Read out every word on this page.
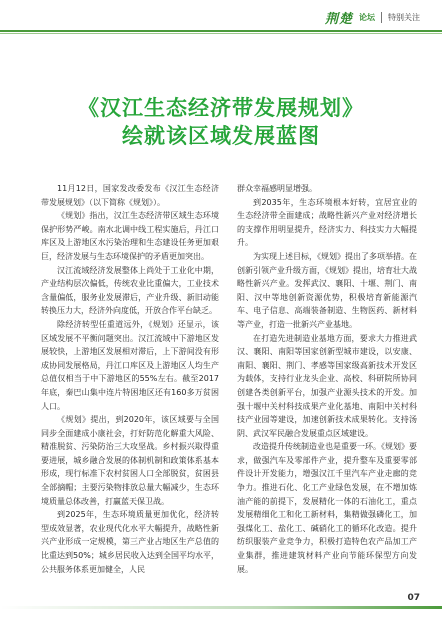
荆楚 论坛 特别关注
《汉江生态经济带发展规划》
绘就该区域发展蓝图

11月12日，国家发改委发布《汉江生态经济带发展规划》（以下简称《规划》）。

《规划》指出，汉江生态经济带区域生态环境保护形势严峻。南水北调中线工程实施后，丹江口库区及上游地区水污染治理和生态建设任务更加艰巨，经济发展与生态环境保护的矛盾更加突出。

汉江流域经济发展整体上尚处于工业化中期，产业结构层次偏低，传统农业比重偏大，工业技术含量偏低，服务业发展滞后，产业升级、新旧动能转换压力大，经济外向度低，开放合作平台缺乏。

除经济转型任重道远外，《规划》还显示，该区域发展不平衡问题突出。汉江流域中下游地区发展较快，上游地区发展相对滞后，上下游间没有形成协同发展格局，丹江口库区及上游地区人均生产总值仅相当于中下游地区的55%左右。截至2017年底，秦巴山集中连片特困地区还有160多万贫困人口。

《规划》提出，到2020年，该区域要与全国同步全面建成小康社会，打好防范化解重大风险、精准脱贫、污染防治三大攻坚战。乡村振兴取得重要进展，城乡融合发展的体制机制和政策体系基本形成，现行标准下农村贫困人口全部脱贫，贫困县全部摘帽；主要污染物排放总量大幅减少，生态环境质量总体改善，打赢蓝天保卫战。

到2025年，生态环境质量更加优化，经济转型成效显著，农业现代化水平大幅提升，战略性新兴产业形成一定规模，第三产业占地区生产总值的比重达到50%；城乡居民收入达到全国平均水平，公共服务体系更加健全，人民

群众幸福感明显增强。

到2035年，生态环境根本好转，宜居宜业的生态经济带全面建成；战略性新兴产业对经济增长的支撑作用明显提升，经济实力、科技实力大幅提升。

为实现上述目标，《规划》提出了多项举措。在创新引领产业升级方面，《规划》提出，培育壮大战略性新兴产业。发挥武汉、襄阳、十堰、荆门、南阳、汉中等地创新资源优势，积极培育新能源汽车、电子信息、高端装备制造、生物医药、新材料等产业，打造一批新兴产业基地。

在打造先进制造业基地方面，要求大力推进武汉、襄阳、南阳等国家创新型城市建设，以安康、南阳、襄阳、荆门、孝感等国家级高新技术开发区为载体，支持行业龙头企业、高校、科研院所协同创建各类创新平台，加强产业源头技术的开发。加强十堰中关村科技成果产业化基地、南阳中关村科技产业园等建设，加速创新技术成果转化。支持汤阴、武汉军民融合发展重点区域建设。

改造提升传统制造业也是重要一环。《规划》要求，做强汽车及零部件产业，提升整车及重要零部件设计开发能力，增强汉江千里汽车产业走廊的竞争力。推进石化、化工产业绿色发展，在不增加炼油产能的前提下，发展精化一体的石油化工，重点发展精细化工和化工新材料，集精做强磷化工，加强煤化工、盐化工、碱硝化工的循环化改造。提升纺织服装产业竞争力，积极打造特色农产品加工产业集群，推进建筑材料产业向节能环保型方向发展。

07
